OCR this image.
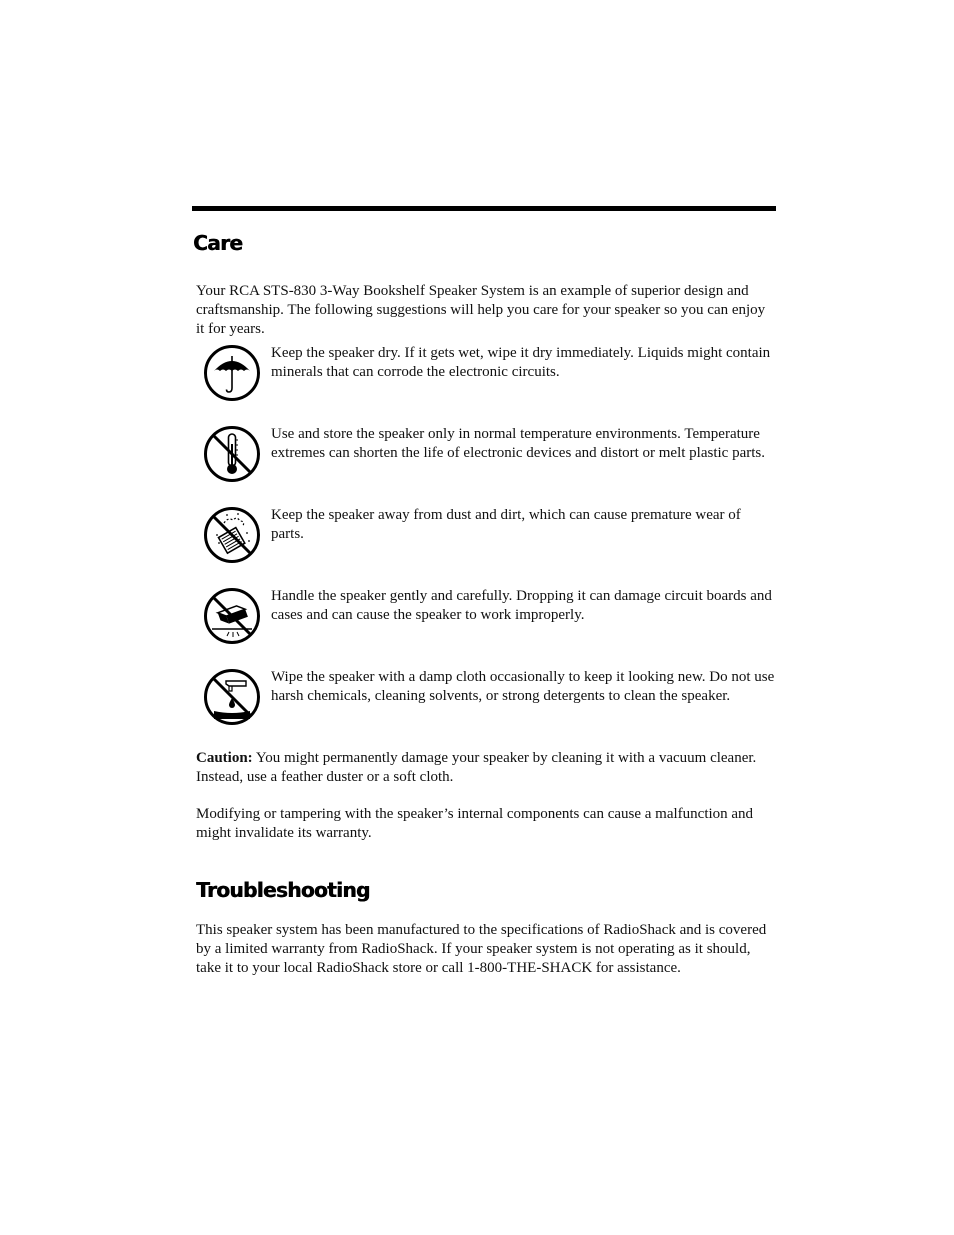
Care

Your RCA STS-830 3-Way Bookshelf Speaker System is an example of superior design and craftsmanship. The following suggestions will help you care for your speaker so you can enjoy it for years.

Keep the speaker dry. If it gets wet, wipe it dry immediately. Liquids might contain minerals that can corrode the electronic circuits.

Use and store the speaker only in normal temperature environments. Temperature extremes can shorten the life of electronic devices and distort or melt plastic parts.

Keep the speaker away from dust and dirt, which can cause premature wear of parts.

Handle the speaker gently and carefully. Dropping it can damage circuit boards and cases and can cause the speaker to work improperly.

Wipe the speaker with a damp cloth occasionally to keep it looking new. Do not use harsh chemicals, cleaning solvents, or strong detergents to clean the speaker.

Caution: You might permanently damage your speaker by cleaning it with a vacuum cleaner. Instead, use a feather duster or a soft cloth.

Modifying or tampering with the speaker’s internal components can cause a malfunction and might invalidate its warranty.

Troubleshooting

This speaker system has been manufactured to the specifications of RadioShack and is covered by a limited warranty from RadioShack. If your speaker system is not operating as it should, take it to your local RadioShack store or call 1-800-THE-SHACK for assistance.
